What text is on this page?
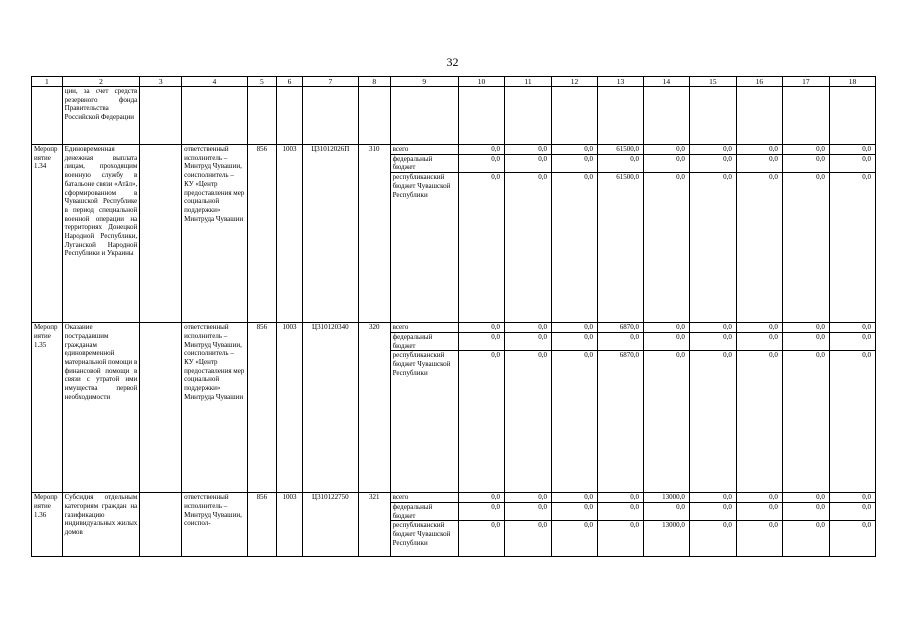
32
1	2	3	4	5	6	7	8	9	10	11	12	13	14	15	16	17	18
	ции, за счет средств резервного фонда Правительства Российской Федерации																
Мероприятие 1.34	Единовременная денежная выплата лицам, проходящим военную службу в батальоне связи «Атӑл», сформированном в Чувашской Республике в период специальной военной операции на территориях Донецкой Народной Республики, Луганской Народной Республики и Украины		ответственный исполнитель – Минтруд Чувашии, соисполнитель – КУ «Центр предоставления мер социальной поддержки» Минтруда Чувашии	856	1003	Ц31012026П	310	всего	0,0	0,0	0,0	61500,0	0,0	0,0	0,0	0,0	0,0
								федеральный бюджет	0,0	0,0	0,0	0,0	0,0	0,0	0,0	0,0	0,0
								республиканский бюджет Чувашской Республики	0,0	0,0	0,0	61500,0	0,0	0,0	0,0	0,0	0,0
Мероприятие 1.35	Оказание пострадавшим гражданам единовременной материальной помощи в финансовой помощи в связи с утратой ими имущества первой необходимости		ответственный исполнитель – Минтруд Чувашии, соисполнитель – КУ «Центр предоставления мер социальной поддержки» Минтруда Чувашии	856	1003	Ц310120340	320	всего	0,0	0,0	0,0	6870,0	0,0	0,0	0,0	0,0	0,0
								федеральный бюджет	0,0	0,0	0,0	0,0	0,0	0,0	0,0	0,0	0,0
								республиканский бюджет Чувашской Республики	0,0	0,0	0,0	6870,0	0,0	0,0	0,0	0,0	0,0
Мероприятие 1.36	Субсидия отдельным категориям граждан на газификацию индивидуальных жилых домов		ответственный исполнитель – Минтруд Чувашии, соиспол-	856	1003	Ц310122750	321	всего	0,0	0,0	0,0	0,0	13000,0	0,0	0,0	0,0	0,0
								федеральный бюджет	0,0	0,0	0,0	0,0	0,0	0,0	0,0	0,0	0,0
								республиканский бюджет Чувашской Республики	0,0	0,0	0,0	0,0	13000,0	0,0	0,0	0,0	0,0
